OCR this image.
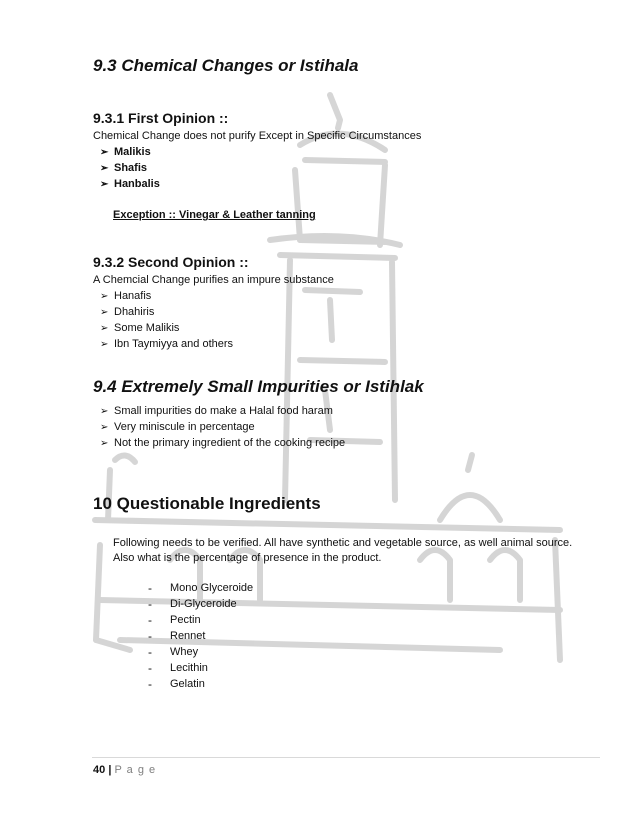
9.3 Chemical Changes or Istihala
9.3.1 First Opinion ::
Chemical Change does not purify Except in Specific Circumstances
➢ Malikis
➢ Shafis
➢ Hanbalis
Exception :: Vinegar & Leather tanning
9.3.2 Second Opinion ::
A Chemcial Change purifies an impure substance
➢ Hanafis
➢ Dhahiris
➢ Some Malikis
➢ Ibn Taymiyya and others
9.4 Extremely Small Impurities or Istihlak
➢ Small impurities do make a Halal food haram
➢ Very miniscule in percentage
➢ Not the primary ingredient of the cooking recipe
10 Questionable Ingredients
Following needs to be verified. All have synthetic and vegetable source, as well animal source.
Also what is the percentage of presence in the product.
-	Mono Glyceroide
-	Di-Glyceroide
-	Pectin
-	Rennet
-	Whey
-	Lecithin
-	Gelatin
40 | P a g e
